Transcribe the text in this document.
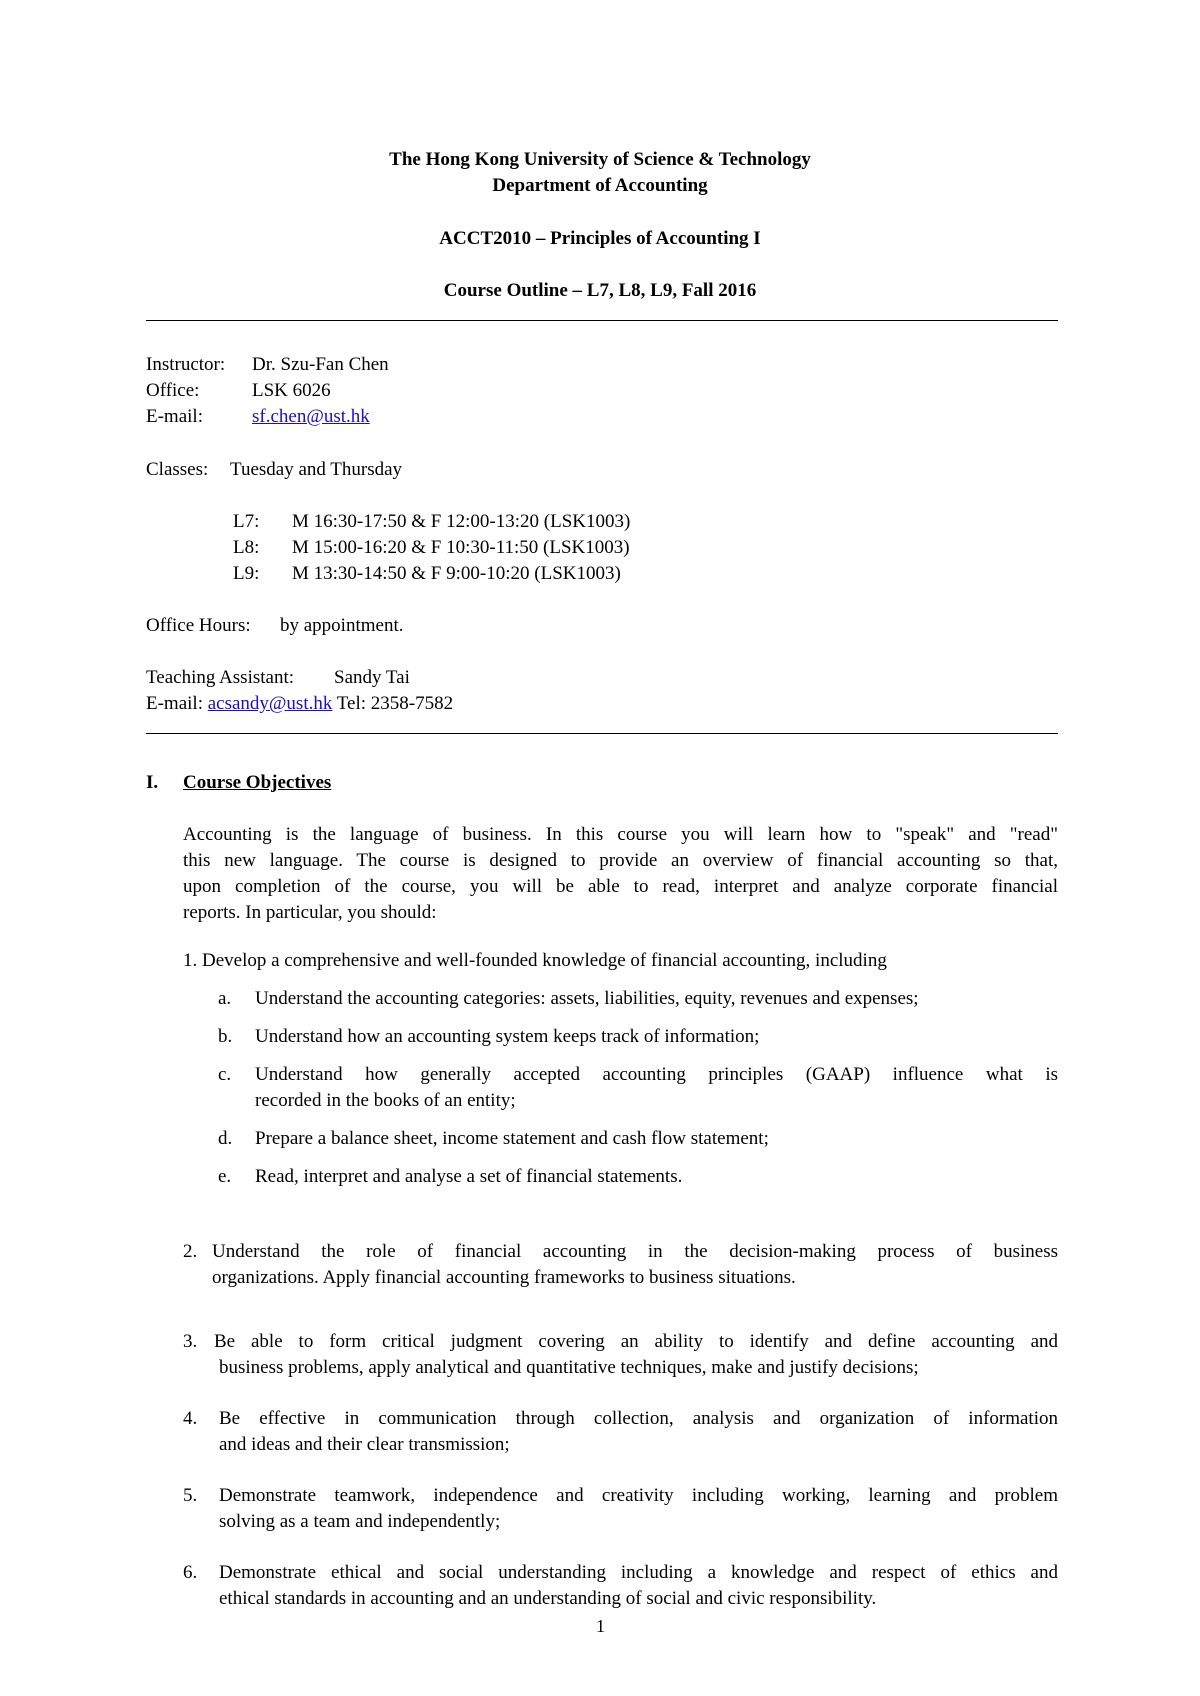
The Hong Kong University of Science & Technology
Department of Accounting
ACCT2010 – Principles of Accounting I
Course Outline – L7, L8, L9, Fall 2016
Instructor: Dr. Szu-Fan Chen
Office:	LSK 6026
E-mail:	sf.chen@ust.hk
Classes: Tuesday and Thursday
L7: M 16:30-17:50 & F 12:00-13:20 (LSK1003)
L8: M 15:00-16:20 & F 10:30-11:50 (LSK1003)
L9: M 13:30-14:50 & F 9:00-10:20 (LSK1003)
Office Hours: by appointment.
Teaching Assistant: Sandy Tai
E-mail: acsandy@ust.hk Tel: 2358-7582
I. Course Objectives
Accounting is the language of business. In this course you will learn how to "speak" and "read"
this new language. The course is designed to provide an overview of financial accounting so that,
upon completion of the course, you will be able to read, interpret and analyze corporate financial
reports. In particular, you should:
1. Develop a comprehensive and well-founded knowledge of financial accounting, including
a. Understand the accounting categories: assets, liabilities, equity, revenues and expenses;
b. Understand how an accounting system keeps track of information;
c. Understand how generally accepted accounting principles (GAAP) influence what is
recorded in the books of an entity;
d. Prepare a balance sheet, income statement and cash flow statement;
e. Read, interpret and analyse a set of financial statements.
2. Understand the role of financial accounting in the decision-making process of business
organizations. Apply financial accounting frameworks to business situations.
3. Be able to form critical judgment covering an ability to identify and define accounting and
business problems, apply analytical and quantitative techniques, make and justify decisions;
4. Be effective in communication through collection, analysis and organization of information
and ideas and their clear transmission;
5. Demonstrate teamwork, independence and creativity including working, learning and problem
solving as a team and independently;
6. Demonstrate ethical and social understanding including a knowledge and respect of ethics and
ethical standards in accounting and an understanding of social and civic responsibility.
1
